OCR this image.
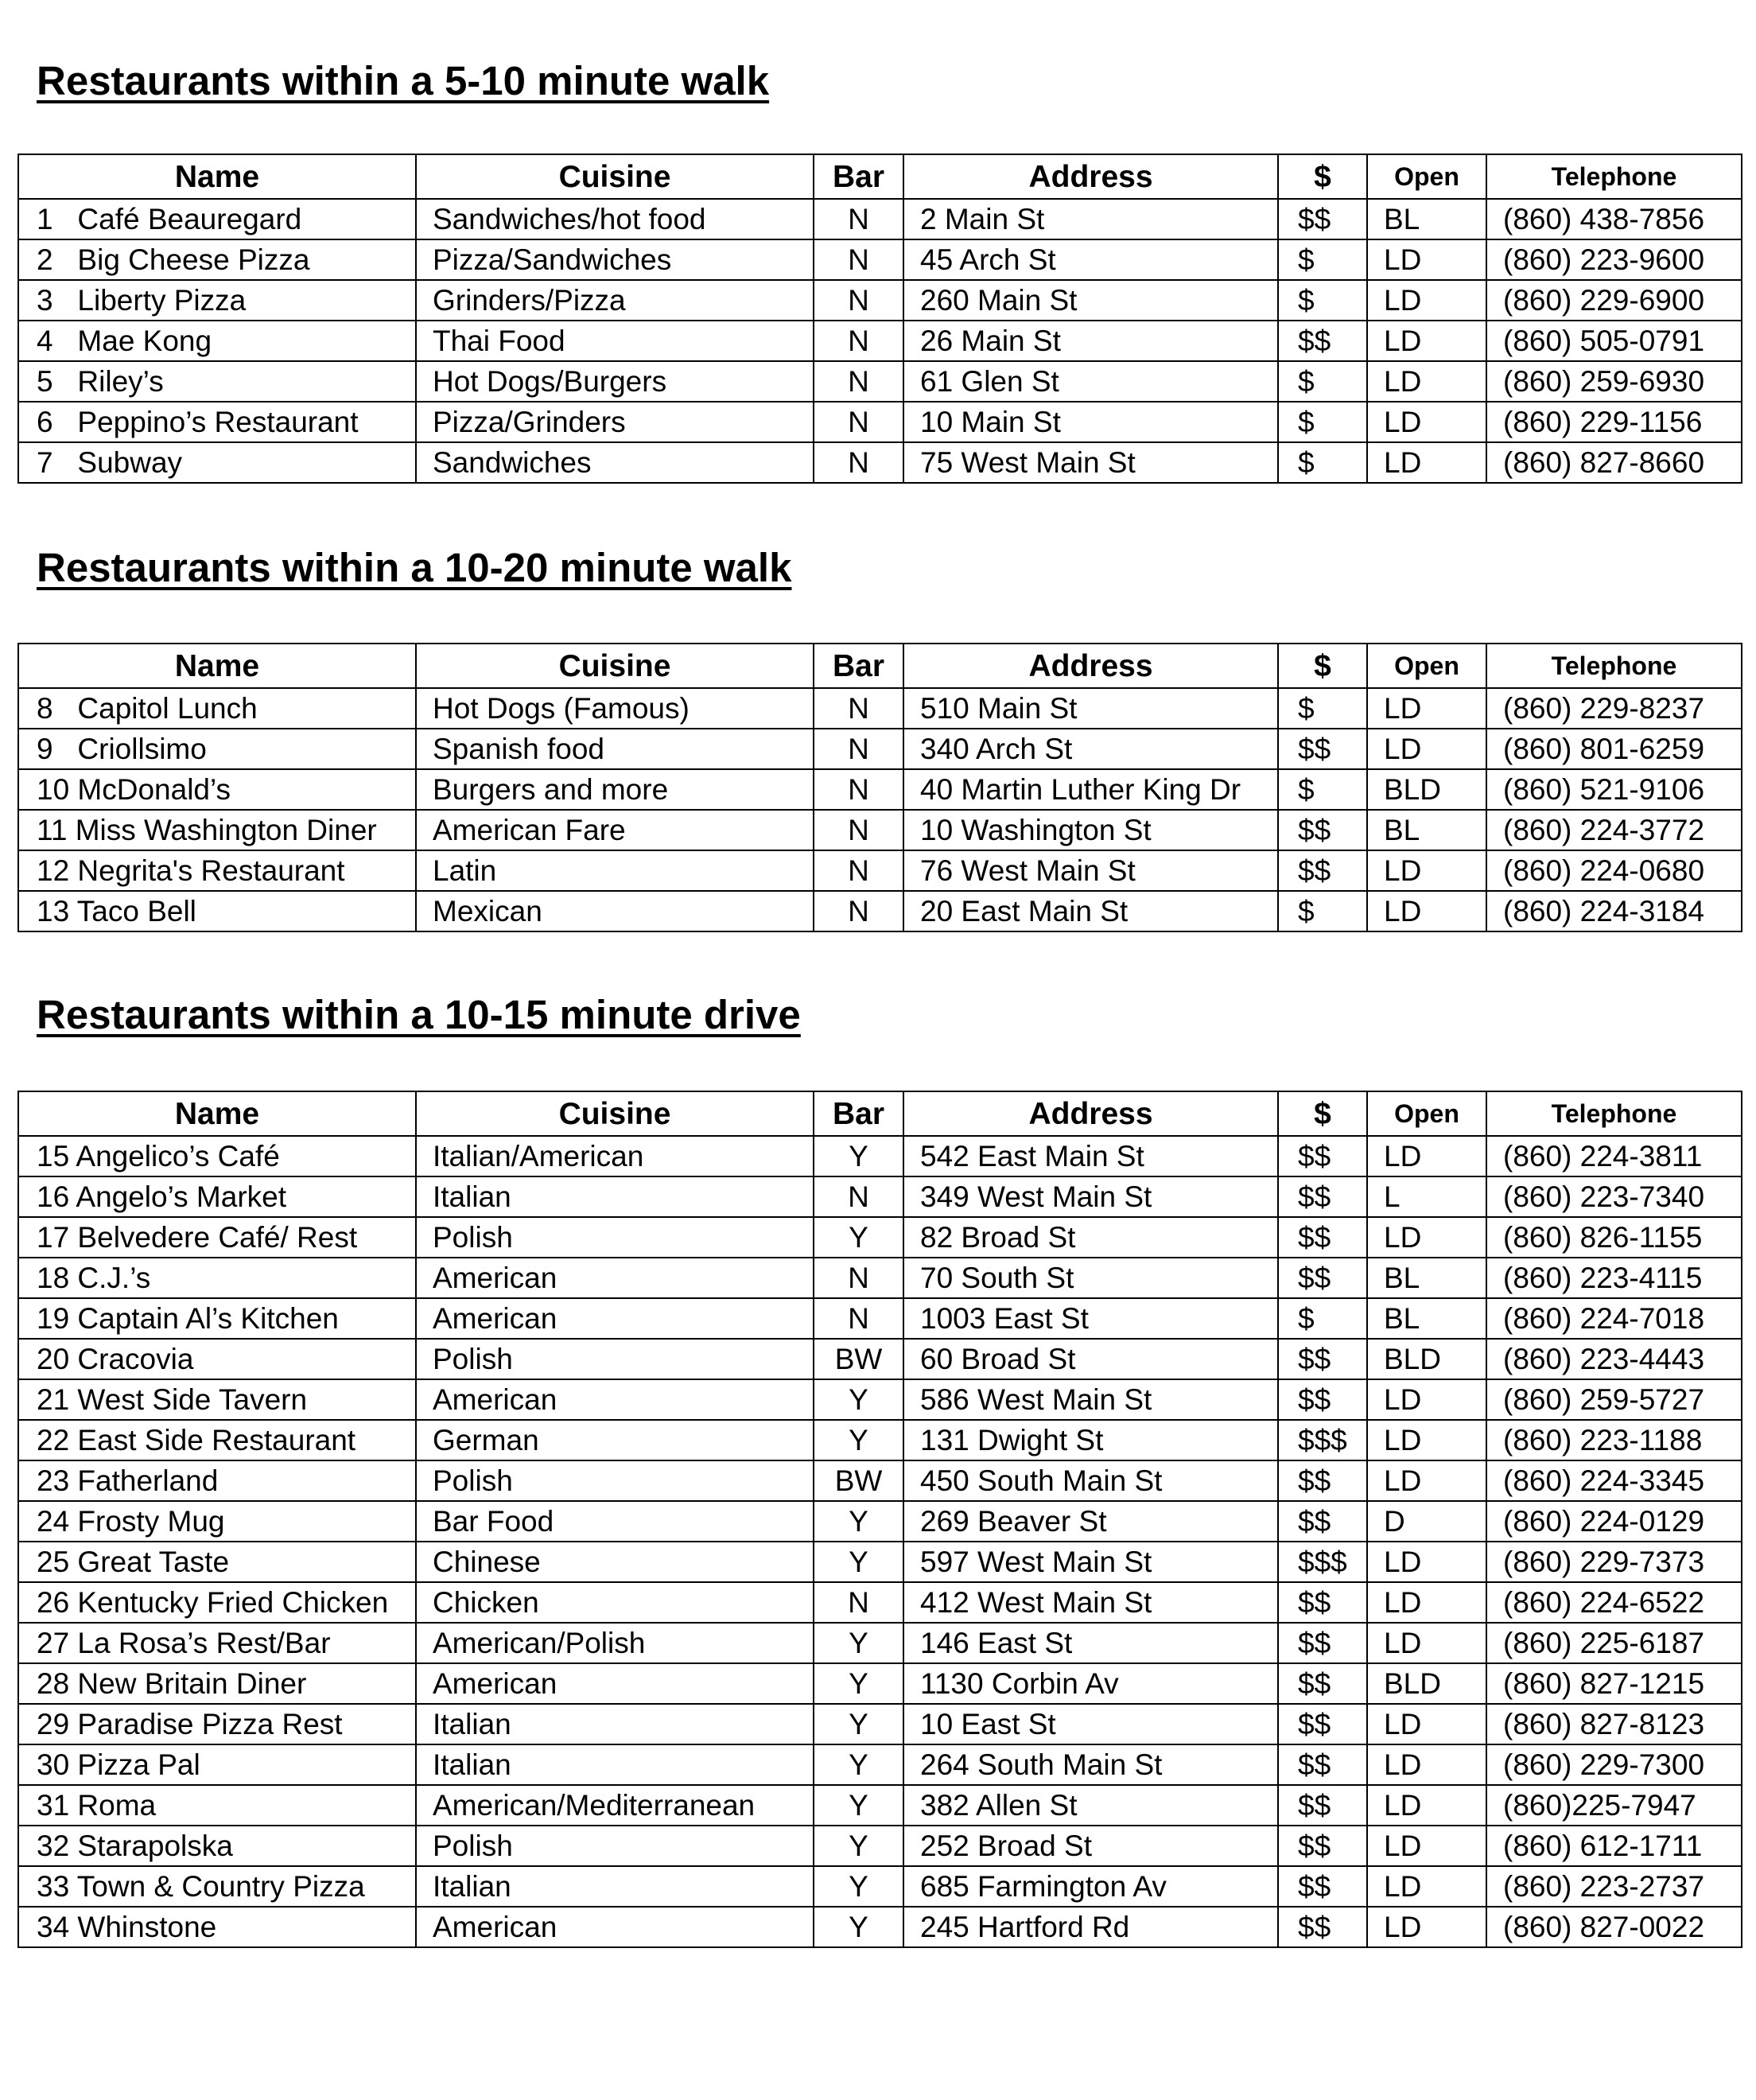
Restaurants within a 5-10 minute walk
Name	Cuisine	Bar	Address	$	Open	Telephone
1   Café Beauregard	Sandwiches/hot food	N	2 Main St	$$	BL	(860) 438-7856
2   Big Cheese Pizza	Pizza/Sandwiches	N	45 Arch St	$	LD	(860) 223-9600
3   Liberty Pizza	Grinders/Pizza	N	260 Main St	$	LD	(860) 229-6900
4   Mae Kong	Thai Food	N	26 Main St	$$	LD	(860) 505-0791
5   Riley’s	Hot Dogs/Burgers	N	61 Glen St	$	LD	(860) 259-6930
6   Peppino’s Restaurant	Pizza/Grinders	N	10 Main St	$	LD	(860) 229-1156
7   Subway	Sandwiches	N	75 West Main St	$	LD	(860) 827-8660
Restaurants within a 10-20 minute walk
Name	Cuisine	Bar	Address	$	Open	Telephone
8   Capitol Lunch	Hot Dogs (Famous)	N	510 Main St	$	LD	(860) 229-8237
9   Criollsimo	Spanish food	N	340 Arch St	$$	LD	(860) 801-6259
10 McDonald’s	Burgers and more	N	40 Martin Luther King Dr	$	BLD	(860) 521-9106
11 Miss Washington Diner	American Fare	N	10 Washington St	$$	BL	(860) 224-3772
12 Negrita's Restaurant	Latin	N	76 West Main St	$$	LD	(860) 224-0680
13 Taco Bell	Mexican	N	20 East Main St	$	LD	(860) 224-3184
Restaurants within a 10-15 minute drive
Name	Cuisine	Bar	Address	$	Open	Telephone
15 Angelico’s Café	Italian/American	Y	542 East Main St	$$	LD	(860) 224-3811
16 Angelo’s Market	Italian	N	349 West Main St	$$	L	(860) 223-7340
17 Belvedere Café/ Rest	Polish	Y	82 Broad St	$$	LD	(860) 826-1155
18 C.J.’s	American	N	70 South St	$$	BL	(860) 223-4115
19 Captain Al’s Kitchen	American	N	1003 East St	$	BL	(860) 224-7018
20 Cracovia	Polish	BW	60 Broad St	$$	BLD	(860) 223-4443
21 West Side Tavern	American	Y	586 West Main St	$$	LD	(860) 259-5727
22 East Side Restaurant	German	Y	131 Dwight St	$$$	LD	(860) 223-1188
23 Fatherland	Polish	BW	450 South Main St	$$	LD	(860) 224-3345
24 Frosty Mug	Bar Food	Y	269 Beaver St	$$	D	(860) 224-0129
25 Great Taste	Chinese	Y	597 West Main St	$$$	LD	(860) 229-7373
26 Kentucky Fried Chicken	Chicken	N	412 West Main St	$$	LD	(860) 224-6522
27 La Rosa’s Rest/Bar	American/Polish	Y	146 East St	$$	LD	(860) 225-6187
28 New Britain Diner	American	Y	1130 Corbin Av	$$	BLD	(860) 827-1215
29 Paradise Pizza Rest	Italian	Y	10 East St	$$	LD	(860) 827-8123
30 Pizza Pal	Italian	Y	264 South Main St	$$	LD	(860) 229-7300
31 Roma	American/Mediterranean	Y	382 Allen St	$$	LD	(860)225-7947
32 Starapolska	Polish	Y	252 Broad St	$$	LD	(860) 612-1711
33 Town & Country Pizza	Italian	Y	685 Farmington Av	$$	LD	(860) 223-2737
34 Whinstone	American	Y	245 Hartford Rd	$$	LD	(860) 827-0022
